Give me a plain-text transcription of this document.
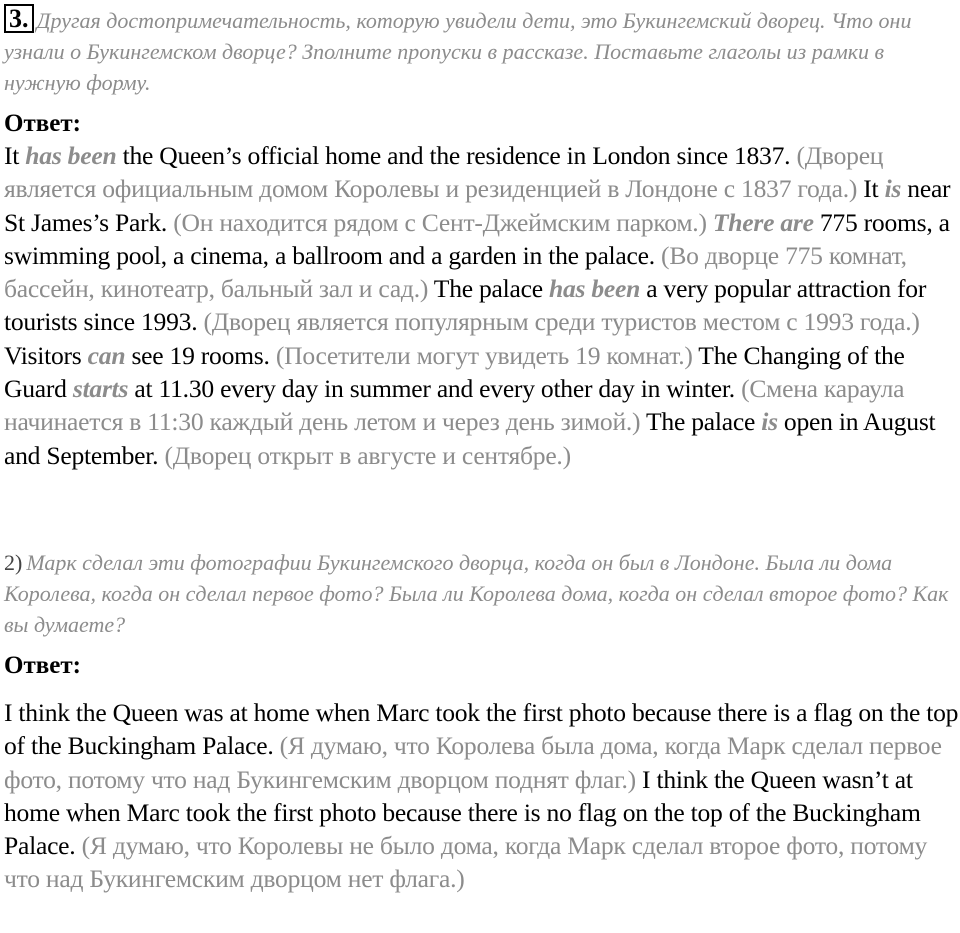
3. Другая достопримечательность, которую увидели дети, это Букингемский дворец. Что они узнали о Букингемском дворце? Зполните пропуски в рассказе. Поставьте глаголы из рамки в нужную форму.
Ответ:
It has been the Queen’s official home and the residence in London since 1837. (Дворец является официальным домом Королевы и резиденцией в Лондоне с 1837 года.) It is near St James’s Park. (Он находится рядом с Сент-Джеймским парком.) There are 775 rooms, a swimming pool, a cinema, a ballroom and a garden in the palace. (Во дворце 775 комнат, бассейн, кинотеатр, бальный зал и сад.) The palace has been a very popular attraction for tourists since 1993. (Дворец является популярным среди туристов местом с 1993 года.) Visitors can see 19 rooms. (Посетители могут увидеть 19 комнат.) The Changing of the Guard starts at 11.30 every day in summer and every other day in winter. (Смена караула начинается в 11:30 каждый день летом и через день зимой.) The palace is open in August and September. (Дворец открыт в августе и сентябре.)
2) Марк сделал эти фотографии Букингемского дворца, когда он был в Лондоне. Была ли дома Королева, когда он сделал первое фото? Была ли Королева дома, когда он сделал второе фото? Как вы думаете?
Ответ:
I think the Queen was at home when Marc took the first photo because there is a flag on the top of the Buckingham Palace. (Я думаю, что Королева была дома, когда Марк сделал первое фото, потому что над Букингемским дворцом поднят флаг.) I think the Queen wasn’t at home when Marc took the first photo because there is no flag on the top of the Buckingham Palace. (Я думаю, что Королевы не было дома, когда Марк сделал второе фото, потому что над Букингемским дворцом нет флага.)
